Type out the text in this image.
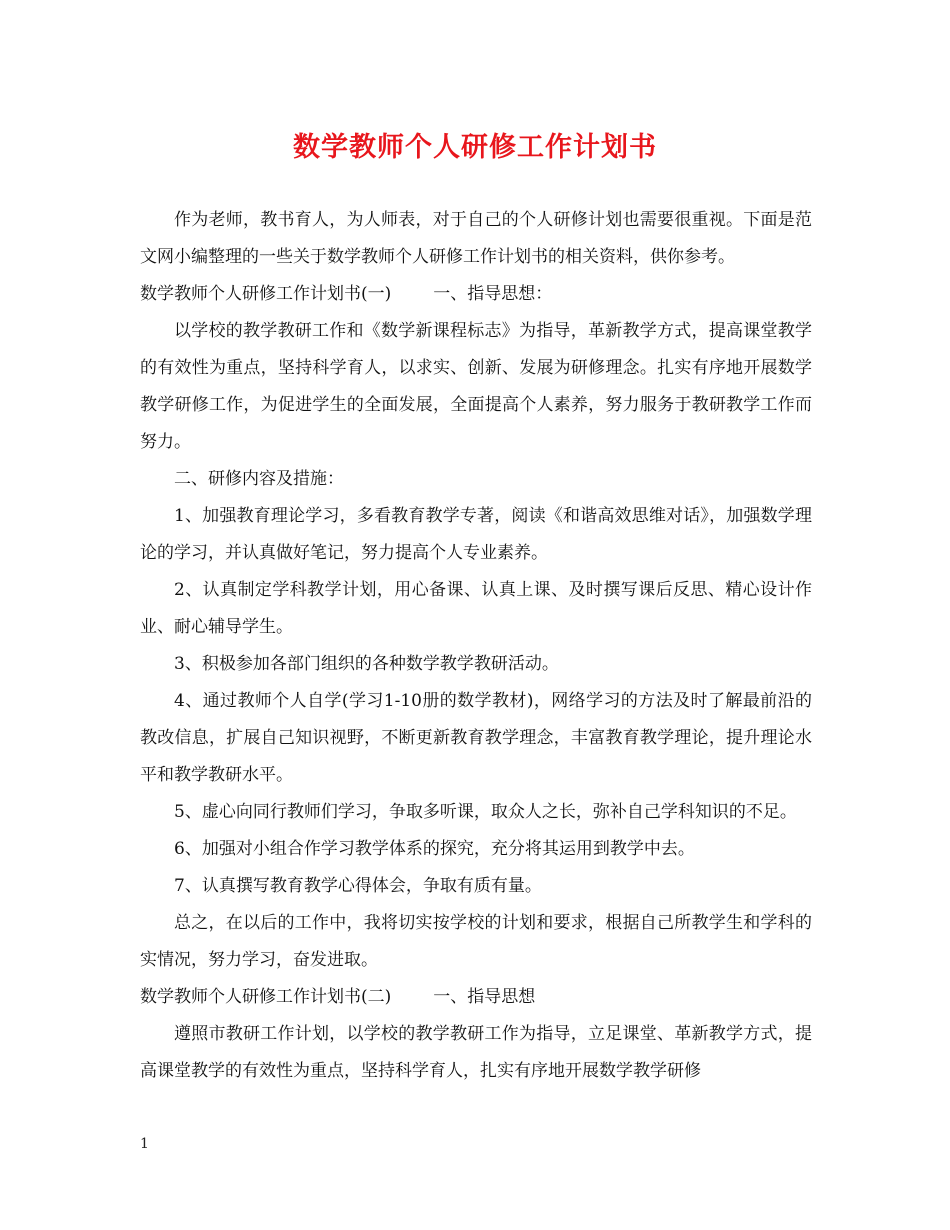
数学教师个人研修工作计划书

作为老师，教书育人，为人师表，对于自己的个人研修计划也需要很重视。下面是范文网小编整理的一些关于数学教师个人研修工作计划书的相关资料，供你参考。

数学教师个人研修工作计划书(一) 一、指导思想：

以学校的教学教研工作和《数学新课程标志》为指导，革新教学方式，提高课堂教学的有效性为重点，坚持科学育人，以求实、创新、发展为研修理念。扎实有序地开展数学教学研修工作，为促进学生的全面发展，全面提高个人素养，努力服务于教研教学工作而努力。

二、研修内容及措施：

1、加强教育理论学习，多看教育教学专著，阅读《和谐高效思维对话》，加强数学理论的学习，并认真做好笔记，努力提高个人专业素养。

2、认真制定学科教学计划，用心备课、认真上课、及时撰写课后反思、精心设计作业、耐心辅导学生。

3、积极参加各部门组织的各种数学教学教研活动。

4、通过教师个人自学(学习1-10册的数学教材)，网络学习的方法及时了解最前沿的教改信息，扩展自己知识视野，不断更新教育教学理念，丰富教育教学理论，提升理论水平和教学教研水平。

5、虚心向同行教师们学习，争取多听课，取众人之长，弥补自己学科知识的不足。

6、加强对小组合作学习教学体系的探究，充分将其运用到教学中去。

7、认真撰写教育教学心得体会，争取有质有量。

总之，在以后的工作中，我将切实按学校的计划和要求，根据自己所教学生和学科的实情况，努力学习，奋发进取。

数学教师个人研修工作计划书(二) 一、指导思想

遵照市教研工作计划，以学校的教学教研工作为指导，立足课堂、革新教学方式，提高课堂教学的有效性为重点，坚持科学育人，扎实有序地开展数学教学研修

1
